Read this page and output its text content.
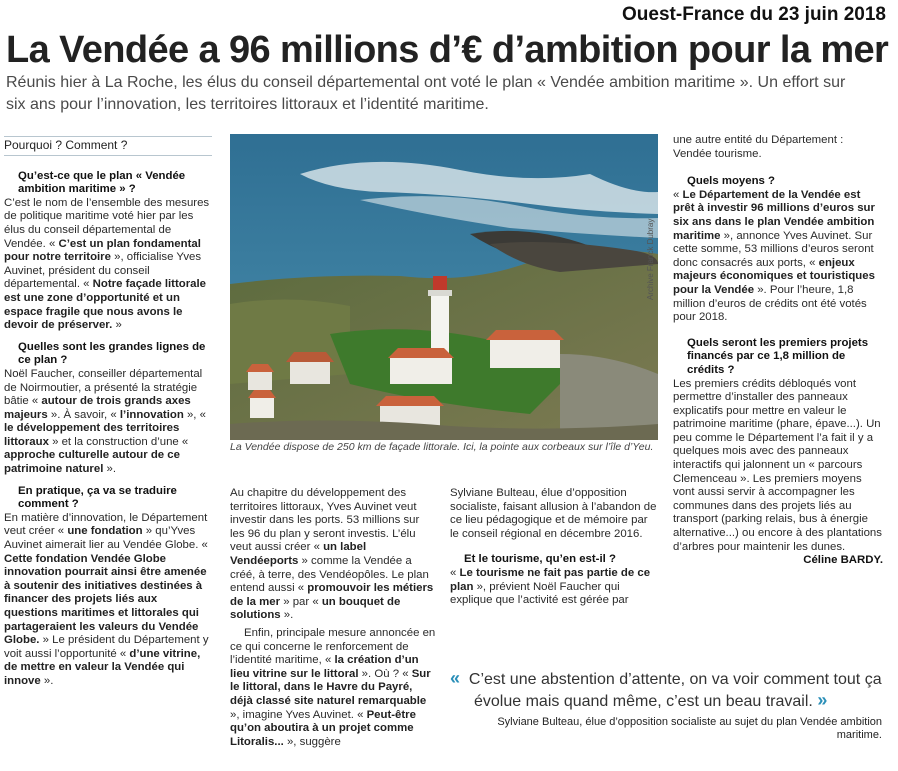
Ouest-France du 23 juin 2018
La Vendée a 96 millions d’€ d’ambition pour la mer
Réunis hier à La Roche, les élus du conseil départemental ont voté le plan « Vendée ambition maritime ». Un effort sur six ans pour l’innovation, les territoires littoraux et l’identité maritime.
Pourquoi ? Comment ?

Qu’est-ce que le plan « Vendée ambition maritime » ?

C’est le nom de l’ensemble des mesures de politique maritime voté hier par les élus du conseil départemental de Vendée. « C’est un plan fondamental pour notre territoire », officialise Yves Auvinet, président du conseil départemental. « Notre façade littorale est une zone d’opportunité et un espace fragile que nous avons le devoir de préserver. »

Quelles sont les grandes lignes de ce plan ?

Noël Faucher, conseiller départemental de Noirmoutier, a présenté la stratégie bâtie « autour de trois grands axes majeurs ». À savoir, « l’innovation », « le développement des territoires littoraux » et la construction d’une « approche culturelle autour de ce patrimoine naturel ».

En pratique, ça va se traduire comment ?

En matière d’innovation, le Département veut créer « une fondation » qu’Yves Auvinet aimerait lier au Vendée Globe. « Cette fondation Vendée Globe innovation pourrait ainsi être amenée à soutenir des initiatives destinées à financer des projets liés aux questions maritimes et littorales qui partageraient les valeurs du Vendée Globe. » Le président du Département y voit aussi l’opportunité « d’une vitrine, de mettre en valeur la Vendée qui innove ».

Archive Franck Dubray
La Vendée dispose de 250 km de façade littorale. Ici, la pointe aux corbeaux sur l’île d’Yeu.

Au chapitre du développement des territoires littoraux, Yves Auvinet veut investir dans les ports. 53 millions sur les 96 du plan y seront investis. L’élu veut aussi créer « un label Vendéeports » comme la Vendée a créé, à terre, des Vendéopôles. Le plan entend aussi « promouvoir les métiers de la mer » par « un bouquet de solutions ».

Enfin, principale mesure annoncée en ce qui concerne le renforcement de l’identité maritime, « la création d’un lieu vitrine sur le littoral ». Où ? « Sur le littoral, dans le Havre du Payré, déjà classé site naturel remarquable », imagine Yves Auvinet. « Peut-être qu’on aboutira à un projet comme Litoralis... », suggère

Sylviane Bulteau, élue d’opposition socialiste, faisant allusion à l’abandon de ce lieu pédagogique et de mémoire par le conseil régional en décembre 2016.

Et le tourisme, qu’en est-il ?

« Le tourisme ne fait pas partie de ce plan », prévient Noël Faucher qui explique que l’activité est gérée par

une autre entité du Département : Vendée tourisme.

Quels moyens ?

« Le Département de la Vendée est prêt à investir 96 millions d’euros sur six ans dans le plan Vendée ambition maritime », annonce Yves Auvinet. Sur cette somme, 53 millions d’euros seront donc consacrés aux ports, « enjeux majeurs économiques et touristiques pour la Vendée ». Pour l’heure, 1,8 million d’euros de crédits ont été votés pour 2018.

Quels seront les premiers projets financés par ce 1,8 million de crédits ?

Les premiers crédits débloqués vont permettre d’installer des panneaux explicatifs pour mettre en valeur le patrimoine maritime (phare, épave...). Un peu comme le Département l’a fait il y a quelques mois avec des panneaux interactifs qui jalonnent un « parcours Clemenceau ». Les premiers moyens vont aussi servir à accompagner les communes dans des projets liés au transport (parking relais, bus à énergie alternative...) ou encore à des plantations d’arbres pour maintenir les dunes.

Céline BARDY.

« C’est une abstention d’attente, on va voir comment tout ça évolue mais quand même, c’est un beau travail. »
Sylviane Bulteau, élue d’opposition socialiste au sujet du plan Vendée ambition maritime.
